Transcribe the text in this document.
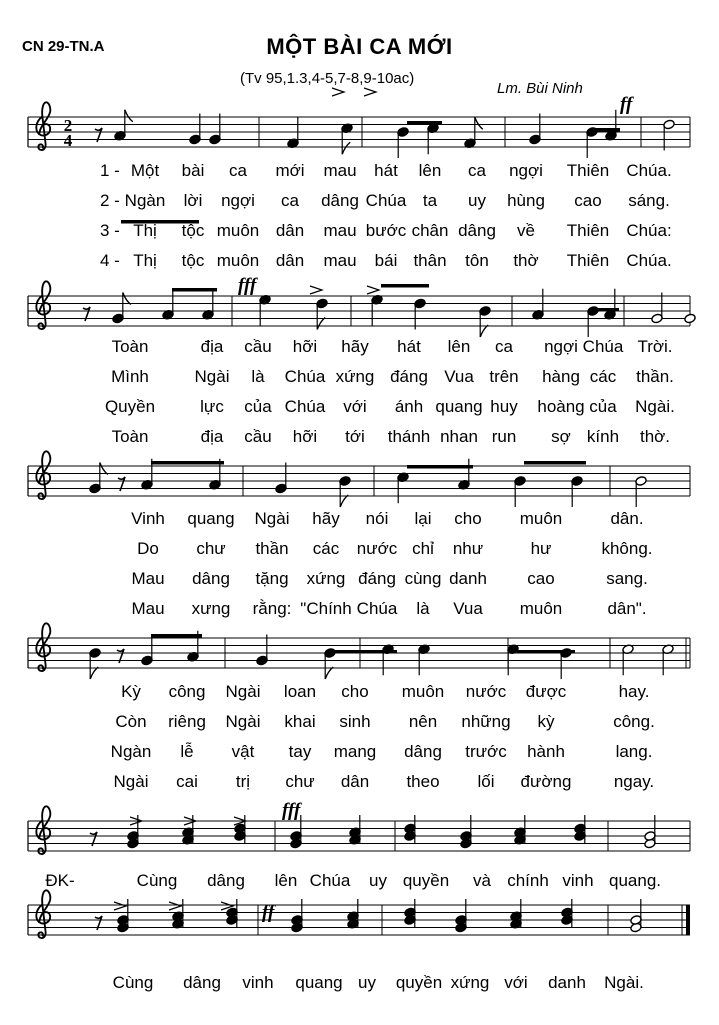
CN 29-TN.A	MỘT BÀI CA MỚI
(Tv 95,1.3,4-5,7-8,9-10ac)
Lm. Bùi Ninh
2
4
ff
fff
fff
ff
1 - Một bài ca mới mau hát lên ca ngợi Thiên Chúa.
2 - Ngàn lời ngợi ca dâng Chúa ta uy hùng cao sáng.
3 - Thị tộc muôn dân mau bước chân dâng về Thiên Chúa:
4 - Thị tộc muôn dân mau bái thân tôn thờ Thiên Chúa.
Toàn	địa cầu hỡi hãy hát lên ca ngợi Chúa Trời.
Mình	Ngài là Chúa xứng đáng Vua trên hàng các thần.
Quyền	lực của Chúa với ánh quang huy hoàng của Ngài.
Toàn	địa cầu hỡi tới thánh nhan run sợ kính thờ.
Vinh quang Ngài hãy nói lại cho muôn	dân.
Do chư thần các nước chỉ như	hư	không.
Mau dâng tặng xứng đáng cùng danh cao	sang.
Mau xưng rằng: "Chính Chúa là Vua muôn	dân".
Kỳ công Ngài loan cho muôn nước được	hay.
Còn riêng Ngài khai sinh nên những kỳ	công.
Ngàn lễ vật tay mang dâng trước hành	lang.
Ngài cai trị chư dân theo lối đường ngay.
ĐK-	Cùng dâng lên Chúa uy quyền và chính vinh quang.
Cùng dâng vinh quang uy quyền xứng với danh Ngài.
